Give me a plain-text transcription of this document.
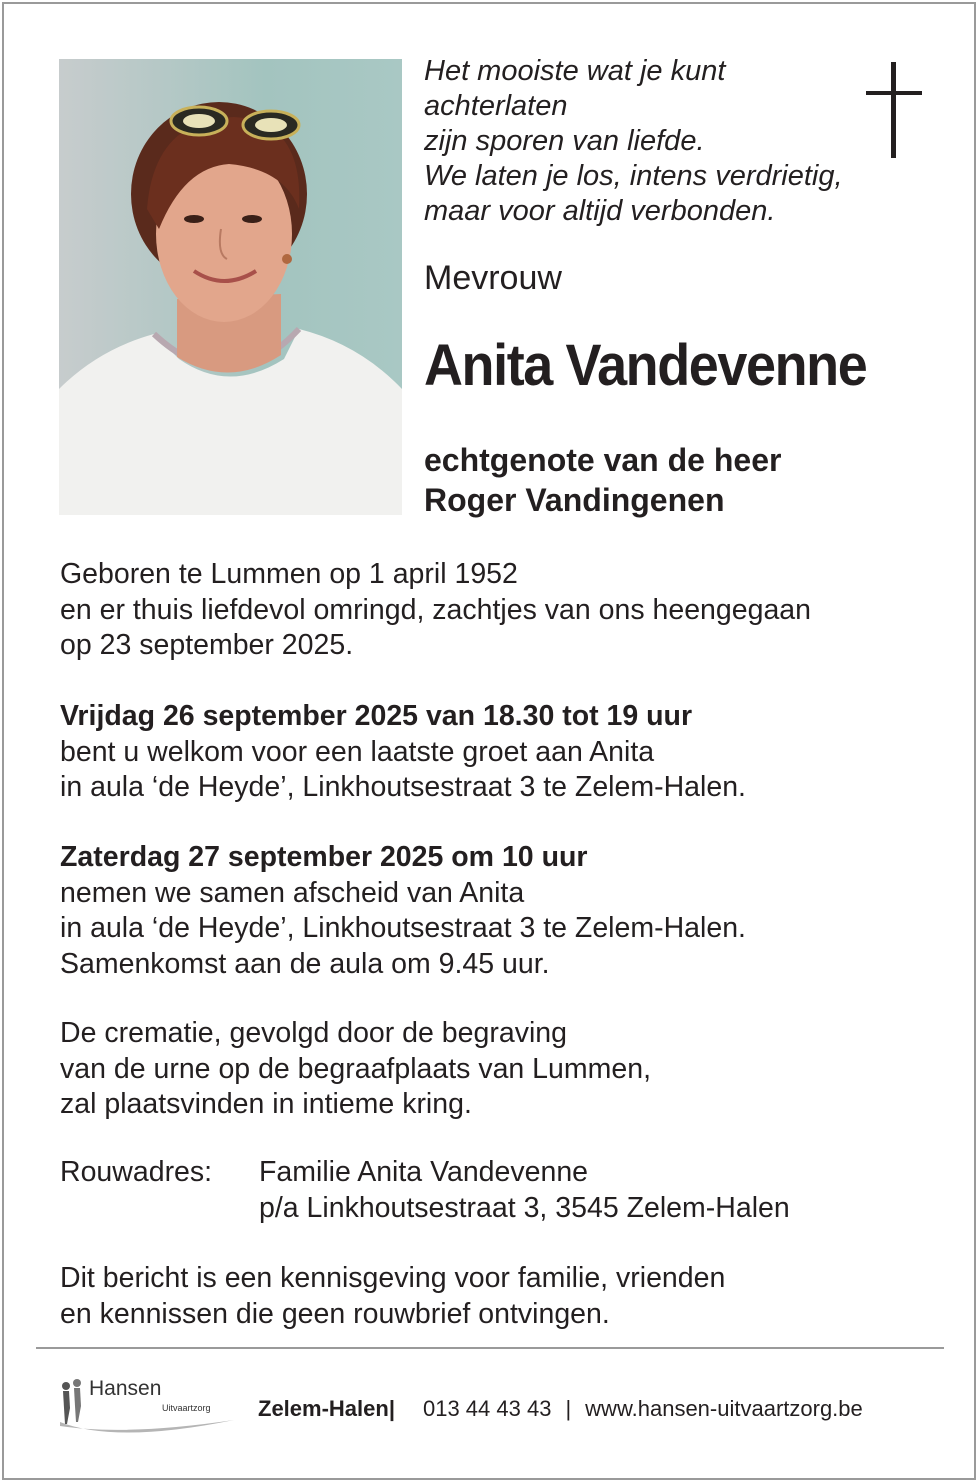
Het mooiste wat je kunt
achterlaten
zijn sporen van liefde.
We laten je los, intens verdrietig,
maar voor altijd verbonden.
Mevrouw
Anita Vandevenne
echtgenote van de heer
Roger Vandingenen
Geboren te Lummen op 1 april 1952
en er thuis liefdevol omringd, zachtjes van ons heengegaan
op 23 september 2025.
Vrijdag 26 september 2025 van 18.30 tot 19 uur
bent u welkom voor een laatste groet aan Anita
in aula ‘de Heyde’, Linkhoutsestraat 3 te Zelem-Halen.
Zaterdag 27 september 2025 om 10 uur
nemen we samen afscheid van Anita
in aula ‘de Heyde’, Linkhoutsestraat 3 te Zelem-Halen.
Samenkomst aan de aula om 9.45 uur.
De crematie, gevolgd door de begraving
van de urne op de begraafplaats van Lummen,
zal plaatsvinden in intieme kring.
Rouwadres:	Familie Anita Vandevenne
p/a Linkhoutsestraat 3, 3545 Zelem-Halen
Dit bericht is een kennisgeving voor familie, vrienden
en kennissen die geen rouwbrief ontvingen.
Hansen
Uitvaartzorg Zelem-Halen| 013 44 43 43 | www.hansen-uitvaartzorg.be
